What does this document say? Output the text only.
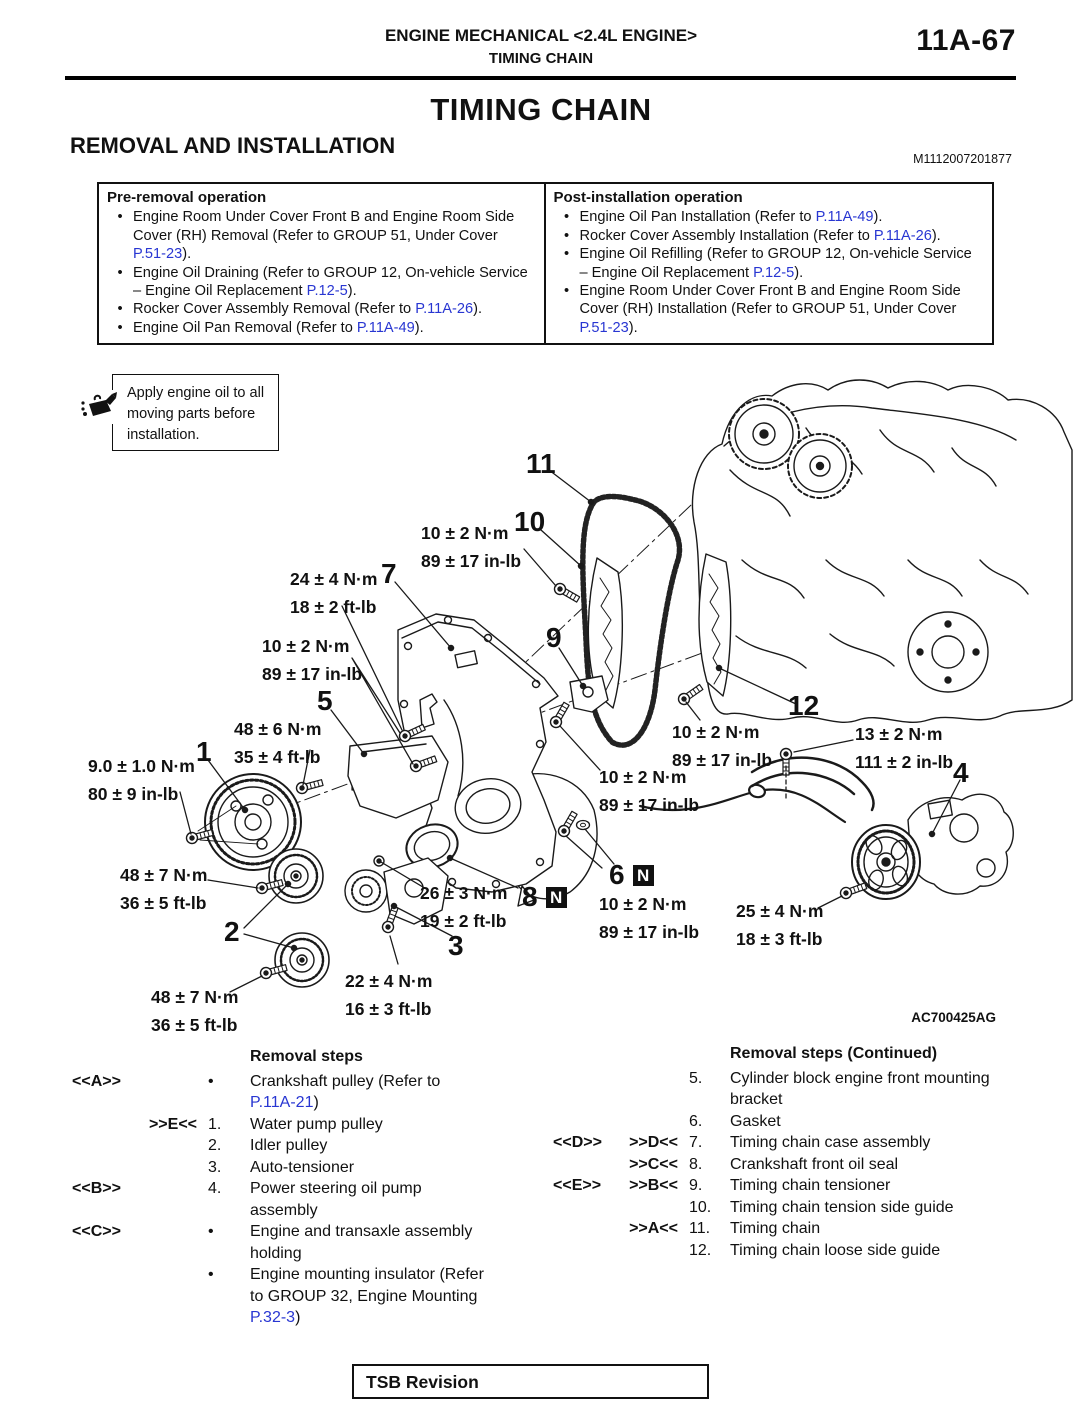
ENGINE MECHANICAL <2.4L ENGINE>
TIMING CHAIN
11A-67
TIMING CHAIN
REMOVAL AND INSTALLATION
M1112007201877
Pre-removal operation
• Engine Room Under Cover Front B and Engine Room Side Cover (RH) Removal (Refer to GROUP 51, Under Cover P.51-23).
• Engine Oil Draining (Refer to GROUP 12, On-vehicle Service – Engine Oil Replacement P.12-5).
• Rocker Cover Assembly Removal (Refer to P.11A-26).
• Engine Oil Pan Removal (Refer to P.11A-49).
Post-installation operation
• Engine Oil Pan Installation (Refer to P.11A-49).
• Rocker Cover Assembly Installation (Refer to P.11A-26).
• Engine Oil Refilling (Refer to GROUP 12, On-vehicle Service – Engine Oil Replacement P.12-5).
• Engine Room Under Cover Front B and Engine Room Side Cover (RH) Installation (Refer to GROUP 51, Under Cover P.51-23).
Apply engine oil to all moving parts before installation.
10 ± 2 N·m
89 ± 17 in-lb
24 ± 4 N·m
18 ± 2 ft-lb
10 ± 2 N·m
89 ± 17 in-lb
48 ± 6 N·m
35 ± 4 ft-lb
9.0 ± 1.0 N·m
80 ± 9 in-lb
10 ± 2 N·m
89 ± 17 in-lb
13 ± 2 N·m
111 ± 2 in-lb
10 ± 2 N·m
89 ± 17 in-lb
48 ± 7 N·m
36 ± 5 ft-lb	26 ± 3 N·m
19 ± 2 ft-lb
10 ± 2 N·m
89 ± 17 in-lb
25 ± 4 N·m
18 ± 3 ft-lb
22 ± 4 N·m
16 ± 3 ft-lb
48 ± 7 N·m
36 ± 5 ft-lb
1
2	3
4
5
6 N
7
8 N
9
10
11
12
AC700425AG
Removal steps
<<A>>	•	Crankshaft pulley (Refer to
P.11A-21)
>>E<< 1.	Water pump pulley
2.	Idler pulley
3.	Auto-tensioner
<<B>>	4.	Power steering oil pump assembly
<<C>>	•	Engine and transaxle assembly holding
•	Engine mounting insulator (Refer to GROUP 32, Engine Mounting P.32-3)
Removal steps (Continued)
5.	Cylinder block engine front mounting bracket
6.	Gasket
<<D>>	>>D<< 7.	Timing chain case assembly
>>C<< 8.	Crankshaft front oil seal
<<E>>	>>B<< 9.	Timing chain tensioner
10.	Timing chain tension side guide
>>A<< 11.	Timing chain
12.	Timing chain loose side guide
TSB Revision
